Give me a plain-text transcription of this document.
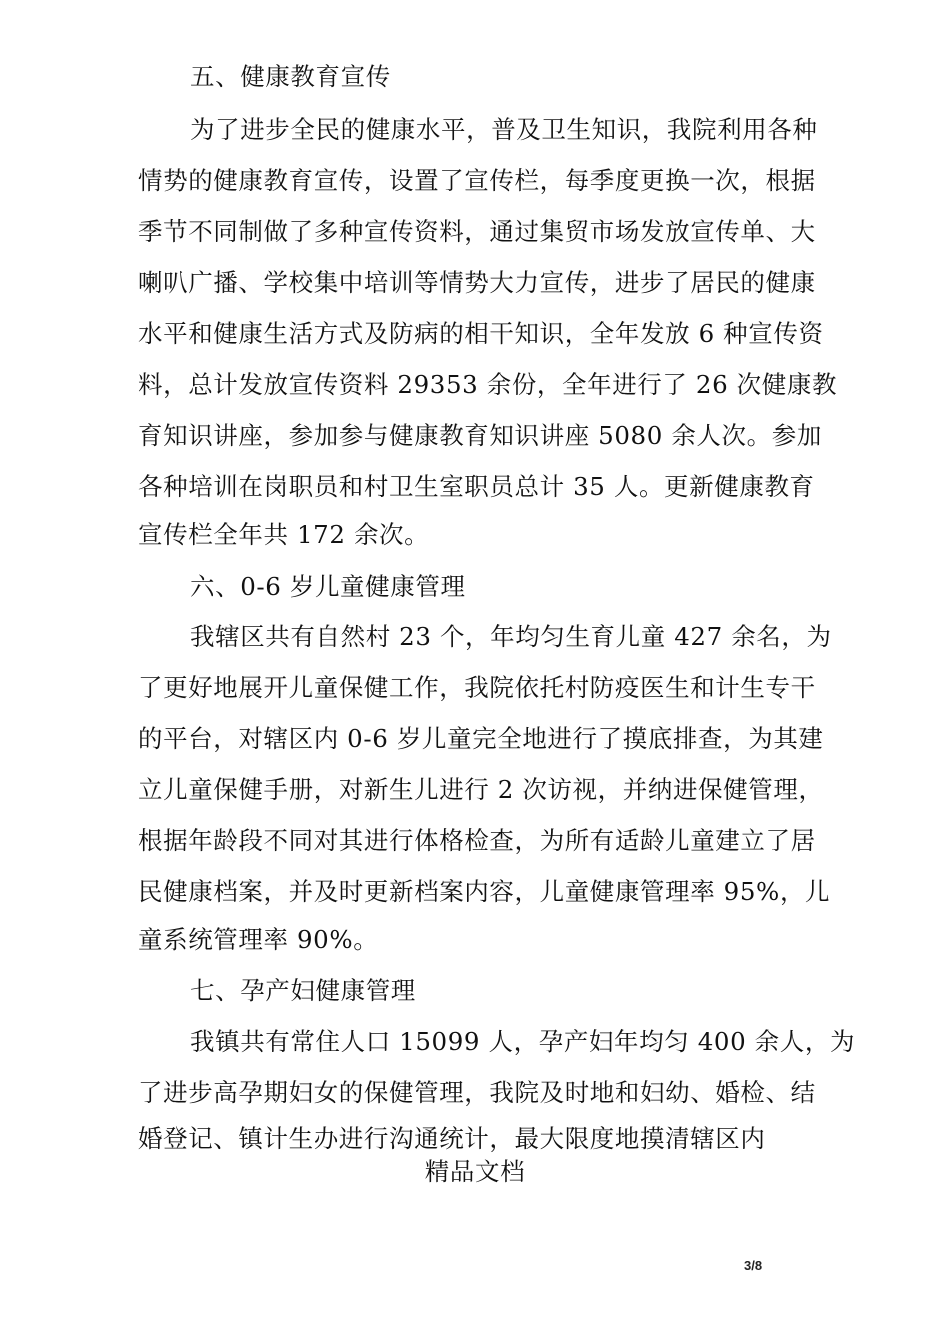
五、健康教育宣传
为了进步全民的健康水平，普及卫生知识，我院利用各种
情势的健康教育宣传，设置了宣传栏，每季度更换一次，根据
季节不同制做了多种宣传资料，通过集贸市场发放宣传单、大
喇叭广播、学校集中培训等情势大力宣传，进步了居民的健康
水平和健康生活方式及防病的相干知识，全年发放 6 种宣传资
料，总计发放宣传资料 29353 余份，全年进行了 26 次健康教
育知识讲座，参加参与健康教育知识讲座 5080 余人次。参加
各种培训在岗职员和村卫生室职员总计 35 人。更新健康教育
宣传栏全年共 172 余次。
六、0-6 岁儿童健康管理
我辖区共有自然村 23 个，年均匀生育儿童 427 余名，为
了更好地展开儿童保健工作，我院依托村防疫医生和计生专干
的平台，对辖区内 0-6 岁儿童完全地进行了摸底排查，为其建
立儿童保健手册，对新生儿进行 2 次访视，并纳进保健管理，
根据年龄段不同对其进行体格检查，为所有适龄儿童建立了居
民健康档案，并及时更新档案内容，儿童健康管理率 95%，儿
童系统管理率 90%。
七、孕产妇健康管理
我镇共有常住人口 15099 人，孕产妇年均匀 400 余人，为
了进步高孕期妇女的保健管理，我院及时地和妇幼、婚检、结
婚登记、镇计生办进行沟通统计，最大限度地摸清辖区内
精品文档
3/8
